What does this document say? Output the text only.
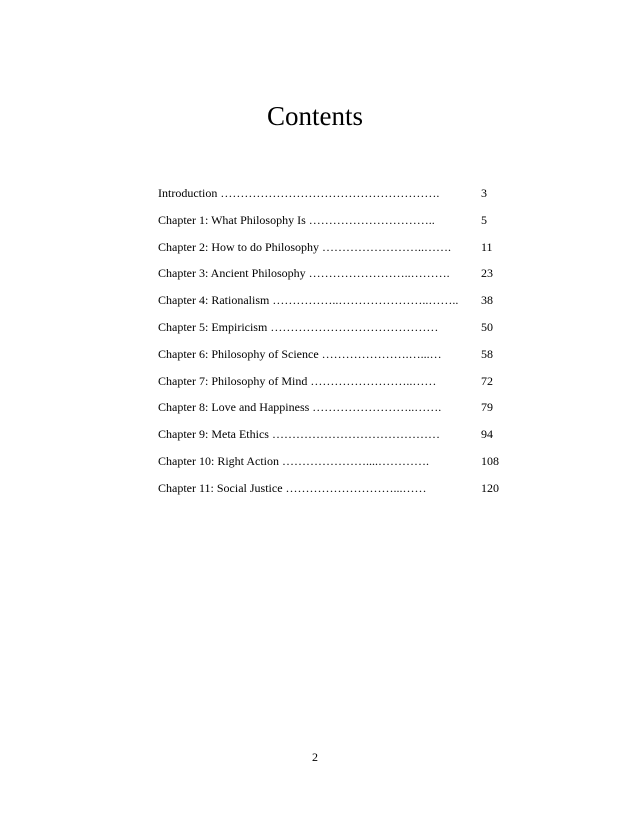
Contents
Introduction ……………………………………………….	3
Chapter 1: What Philosophy Is …………………………..	5
Chapter 2: How to do Philosophy ……………………..…….	11
Chapter 3: Ancient Philosophy ……………………..……….	23
Chapter 4: Rationalism ……………..…………………..…….. 38
Chapter 5: Empiricism ……………………………………	50
Chapter 6: Philosophy of Science ………………….…...…	58
Chapter 7: Philosophy of Mind ……………………..……	72
Chapter 8: Love and Happiness ……………………..…….	79
Chapter 9: Meta Ethics ……………………………………	94
Chapter 10: Right Action …………………....………….	108
Chapter 11: Social Justice ………………………...……	120
2
